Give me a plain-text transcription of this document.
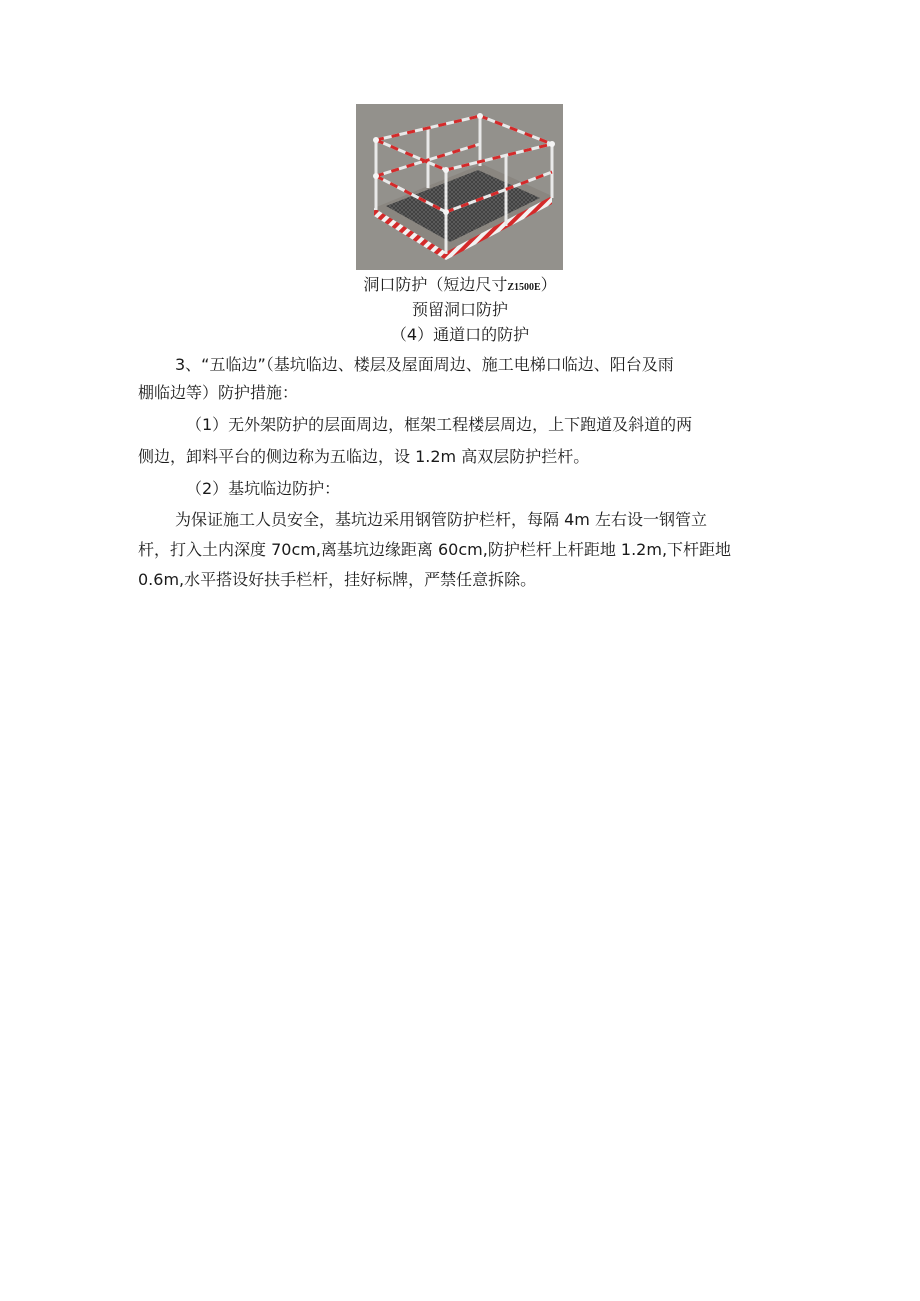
洞口防护（短边尺寸Z1500E）
预留洞口防护
（4）通道口的防护
3、“五临边”（基坑临边、楼层及屋面周边、施工电梯口临边、阳台及雨
棚临边等）防护措施：
（1）无外架防护的层面周边，框架工程楼层周边，上下跑道及斜道的两
侧边，卸料平台的侧边称为五临边，设 1.2m 高双层防护拦杆。
（2）基坑临边防护：
为保证施工人员安全，基坑边采用钢管防护栏杆，每隔 4m 左右设一钢管立
杆，打入土内深度 70cm,离基坑边缘距离 60cm,防护栏杆上杆距地 1.2m,下杆距地
0.6m,水平搭设好扶手栏杆，挂好标牌，严禁任意拆除。
